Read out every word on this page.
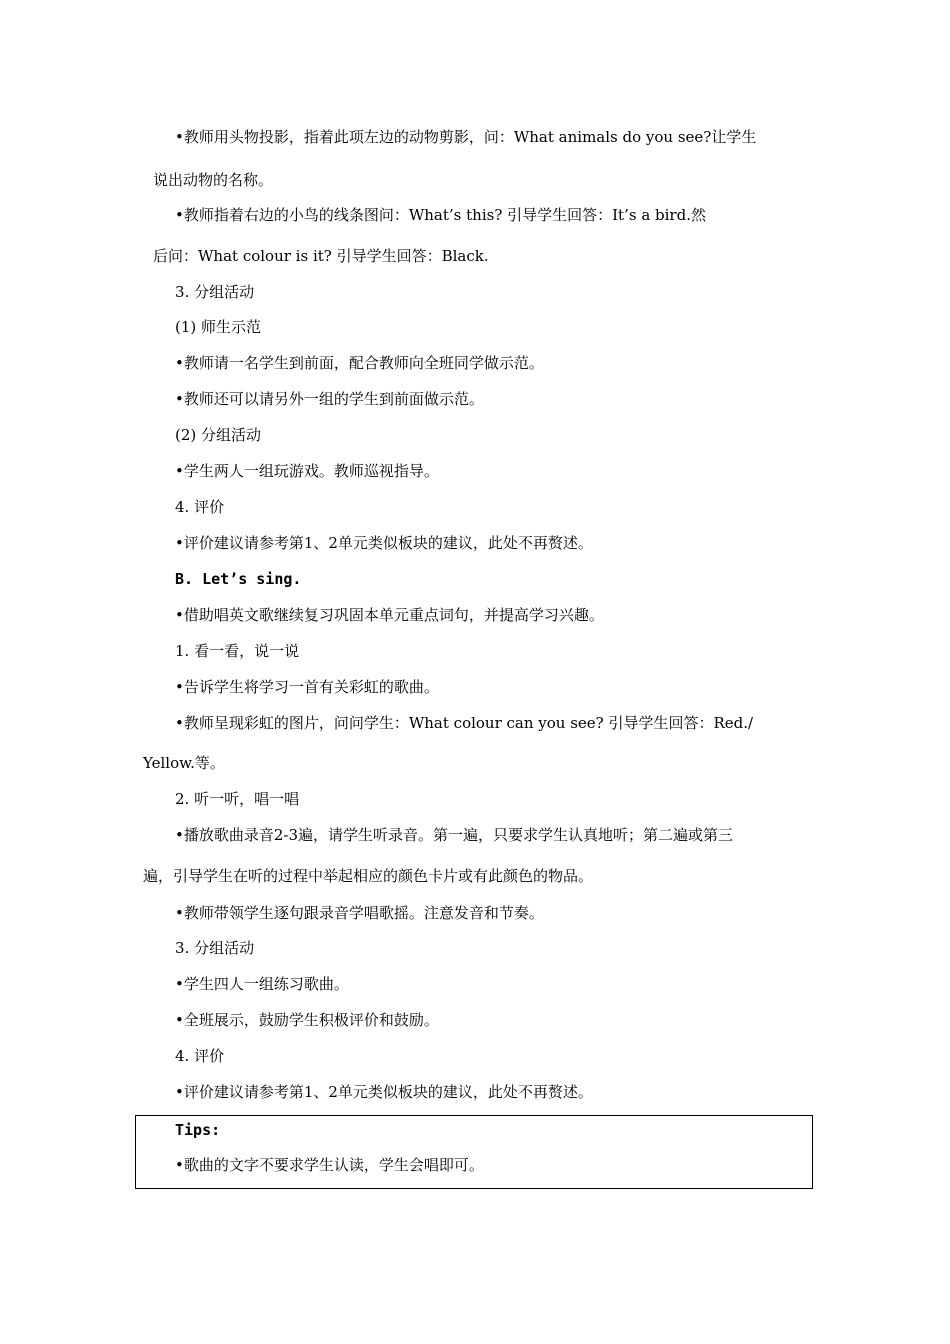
•教师用头物投影，指着此项左边的动物剪影，问：What animals do you see?让学生
说出动物的名称。
•教师指着右边的小鸟的线条图问：What’s this? 引导学生回答：It’s a bird.然
后问：What colour is it? 引导学生回答：Black.
3. 分组活动
(1) 师生示范
•教师请一名学生到前面，配合教师向全班同学做示范。
•教师还可以请另外一组的学生到前面做示范。
(2) 分组活动
•学生两人一组玩游戏。教师巡视指导。
4. 评价
•评价建议请参考第1、2单元类似板块的建议，此处不再赘述。
B. Let’s sing.
•借助唱英文歌继续复习巩固本单元重点词句，并提高学习兴趣。
1. 看一看，说一说
•告诉学生将学习一首有关彩虹的歌曲。
•教师呈现彩虹的图片，问问学生：What colour can you see? 引导学生回答：Red./
Yellow.等。
2. 听一听，唱一唱
•播放歌曲录音2-3遍，请学生听录音。第一遍，只要求学生认真地听；第二遍或第三
遍，引导学生在听的过程中举起相应的颜色卡片或有此颜色的物品。
•教师带领学生逐句跟录音学唱歌摇。注意发音和节奏。
3. 分组活动
•学生四人一组练习歌曲。
•全班展示，鼓励学生积极评价和鼓励。
4. 评价
•评价建议请参考第1、2单元类似板块的建议，此处不再赘述。
Tips:
•歌曲的文字不要求学生认读，学生会唱即可。
